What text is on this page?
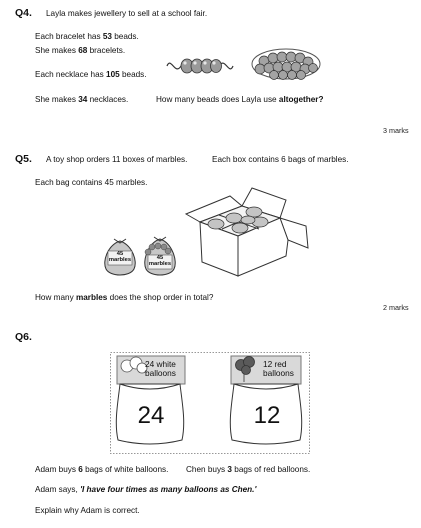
Q4. Layla makes jewellery to sell at a school fair.
Each bracelet has 53 beads.
She makes 68 bracelets.
Each necklace has 105 beads.
She makes 34 necklaces.	How many beads does Layla use altogether?
3 marks
Q5. A toy shop orders 11 boxes of marbles.	Each box contains 6 bags of marbles.
Each bag contains 45 marbles.
45
marbles	45
marbles
How many marbles does the shop order in total?
2 marks
Q6.
24 white
balloons
24
12 red
balloons
12
Adam buys 6 bags of white balloons. Chen buys 3 bags of red balloons.
Adam says, 'I have four times as many balloons as Chen.'
Explain why Adam is correct.
